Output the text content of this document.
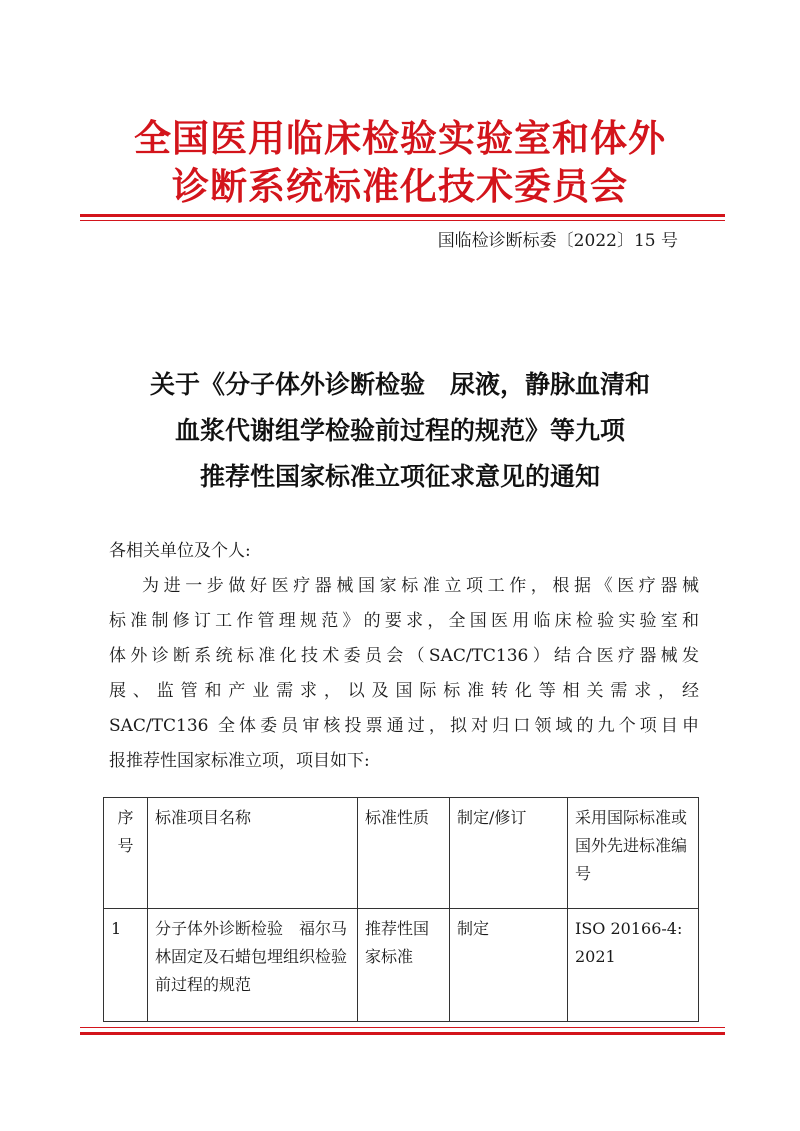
全国医用临床检验实验室和体外
诊断系统标准化技术委员会
国临检诊断标委〔2022〕15 号
关于《分子体外诊断检验　尿液，静脉血清和
血浆代谢组学检验前过程的规范》等九项
推荐性国家标准立项征求意见的通知
各相关单位及个人:
为进一步做好医疗器械国家标准立项工作，根据《医疗器械
标准制修订工作管理规范》的要求，全国医用临床检验实验室和
体外诊断系统标准化技术委员会（SAC/TC136）结合医疗器械发
展、监管和产业需求，以及国际标准转化等相关需求，经
SAC/TC136 全体委员审核投票通过，拟对归口领域的九个项目申
报推荐性国家标准立项，项目如下:
序号	标准项目名称	标准性质	制定/修订	采用国际标准或国外先进标准编号
1	分子体外诊断检验　福尔马林固定及石蜡包埋组织检验前过程的规范	推荐性国家标准	制定	ISO 20166-4:2021
